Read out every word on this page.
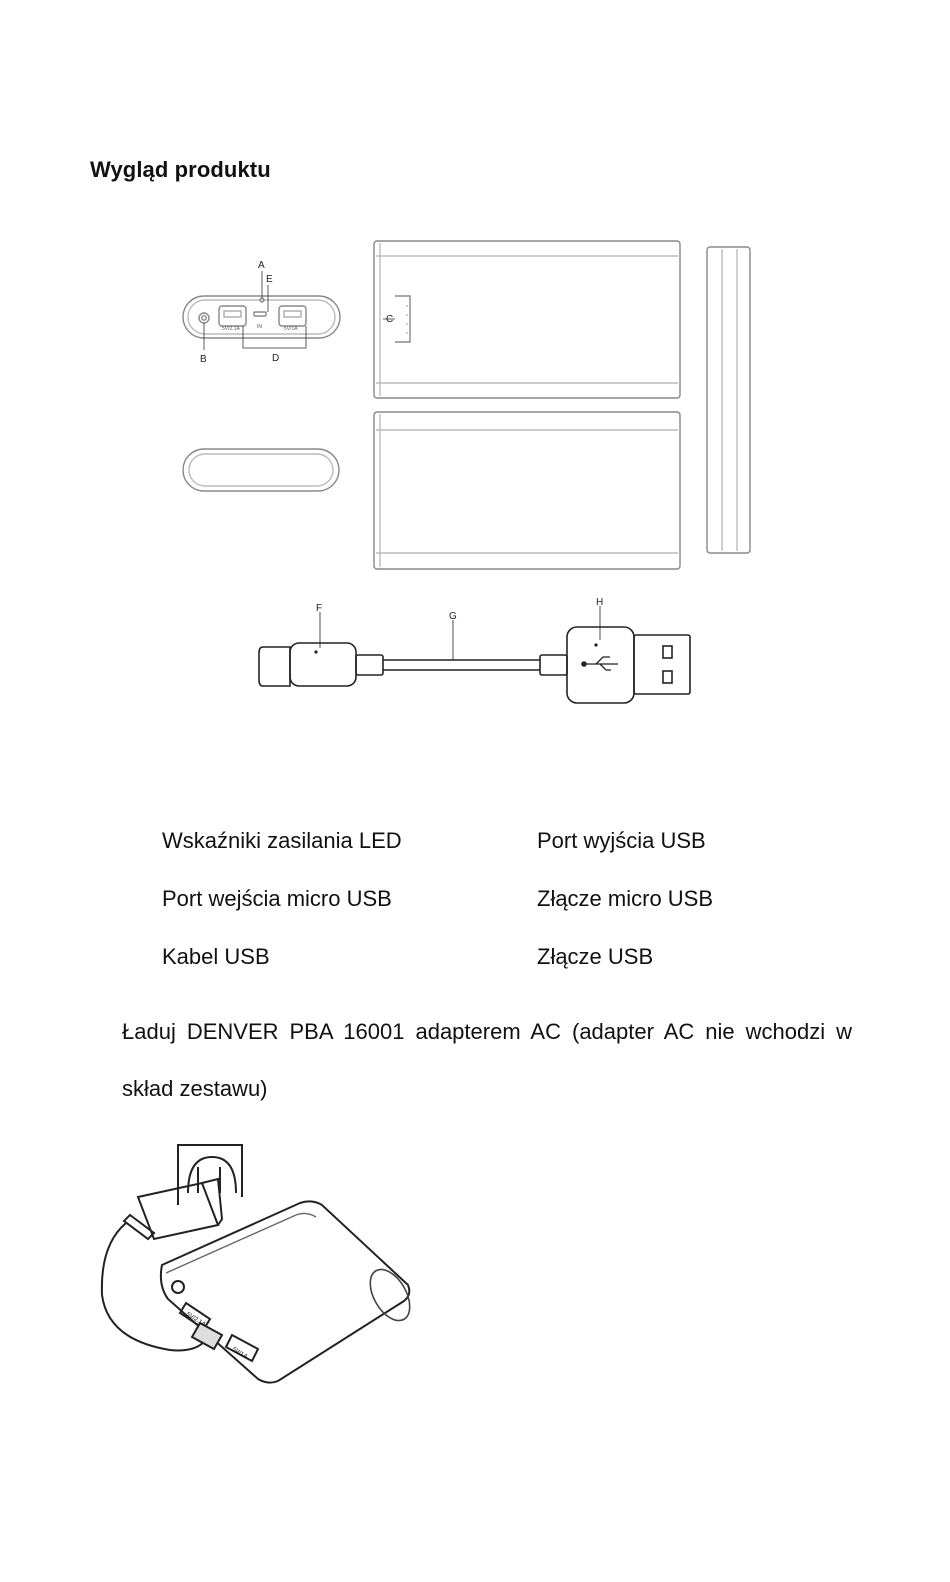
Wygląd produktu
A
E
B	D
C
F
G
H
5V/2.1A	IN	5V/1A
Wskaźniki zasilania LED	Port wyjścia USB
Port wejścia micro USB	Złącze micro USB
Kabel USB	Złącze USB
Ładuj DENVER PBA 16001 adapterem AC (adapter AC nie wchodzi w skład zestawu)
5V/2.1A
5V/1A
